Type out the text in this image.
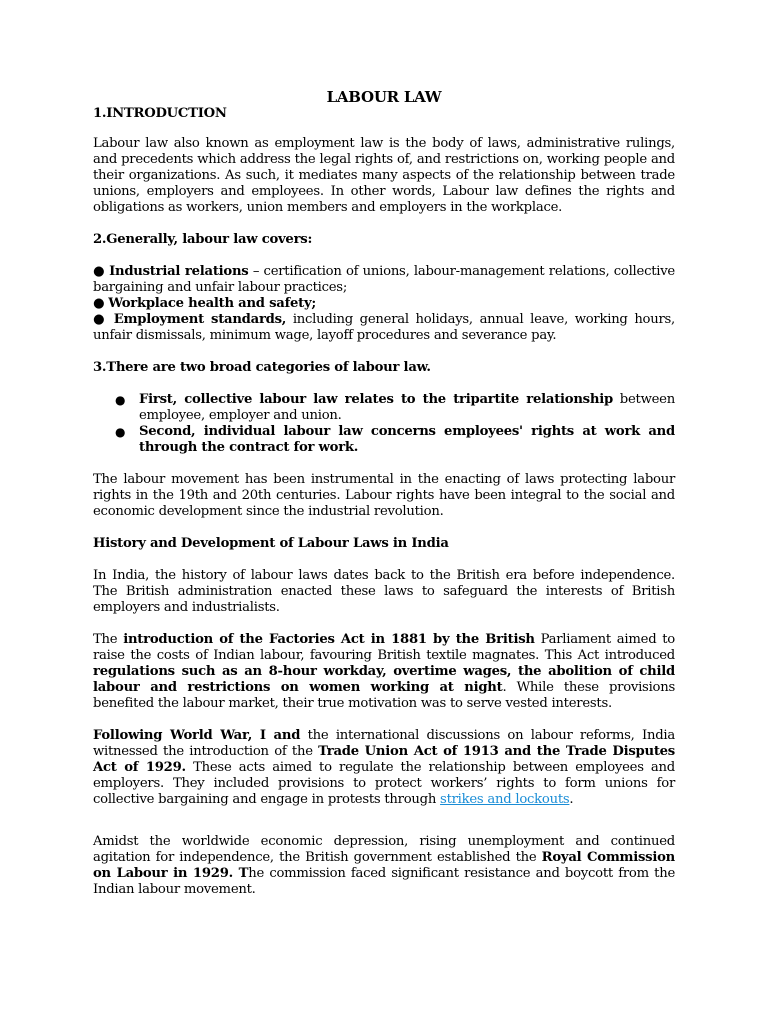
LABOUR LAW
1.INTRODUCTION

Labour law also known as employment law is the body of laws, administrative rulings, and precedents which address the legal rights of, and restrictions on, working people and their organizations. As such, it mediates many aspects of the relationship between trade unions, employers and employees. In other words, Labour law defines the rights and obligations as workers, union members and employers in the workplace.

2.Generally, labour law covers:

● Industrial relations – certification of unions, labour-management relations, collective bargaining and unfair labour practices;

● Workplace health and safety;

● Employment standards, including general holidays, annual leave, working hours, unfair dismissals, minimum wage, layoff procedures and severance pay.

3.There are two broad categories of labour law.
● First, collective labour law relates to the tripartite relationship between employee, employer and union.
● Second, individual labour law concerns employees' rights at work and through the contract for work.

The labour movement has been instrumental in the enacting of laws protecting labour rights in the 19th and 20th centuries. Labour rights have been integral to the social and economic development since the industrial revolution.

History and Development of Labour Laws in India

In India, the history of labour laws dates back to the British era before independence. The British administration enacted these laws to safeguard the interests of British employers and industrialists.

The introduction of the Factories Act in 1881 by the British Parliament aimed to raise the costs of Indian labour, favouring British textile magnates. This Act introduced regulations such as an 8-hour workday, overtime wages, the abolition of child labour and restrictions on women working at night. While these provisions benefited the labour market, their true motivation was to serve vested interests.

Following World War, I and the international discussions on labour reforms, India witnessed the introduction of the Trade Union Act of 1913 and the Trade Disputes Act of 1929. These acts aimed to regulate the relationship between employees and employers. They included provisions to protect workers’ rights to form unions for collective bargaining and engage in protests through strikes and lockouts.

Amidst the worldwide economic depression, rising unemployment and continued agitation for independence, the British government established the Royal Commission on Labour in 1929. The commission faced significant resistance and boycott from the Indian labour movement.
